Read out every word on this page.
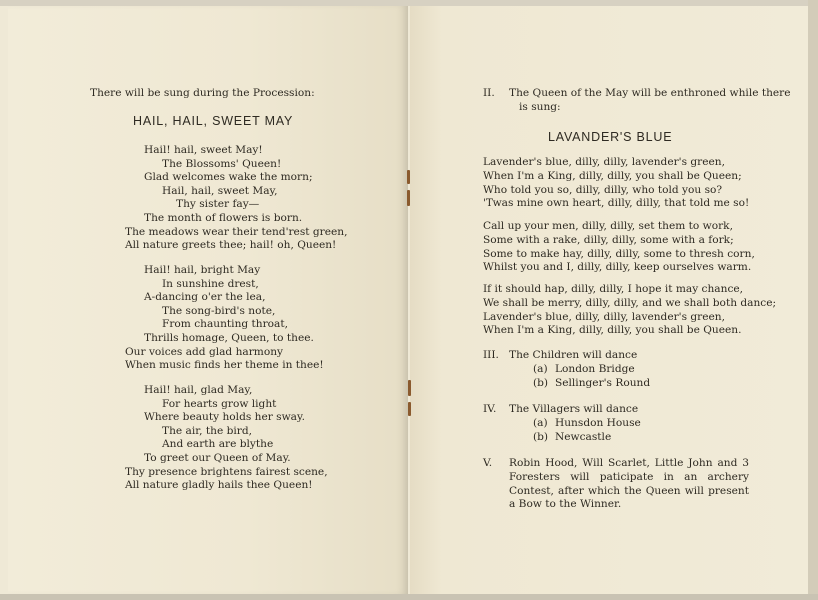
There will be sung during the Procession:

HAIL, HAIL, SWEET MAY

Hail! hail, sweet May!
The Blossoms' Queen!
Glad welcomes wake the morn;
Hail, hail, sweet May,
Thy sister fay—
The month of flowers is born.
The meadows wear their tend'rest green,
All nature greets thee; hail! oh, Queen!
Hail! hail, bright May
In sunshine drest,
A-dancing o'er the lea,
The song-bird's note,
From chaunting throat,
Thrills homage, Queen, to thee.
Our voices add glad harmony
When music finds her theme in thee!
Hail! hail, glad May,
For hearts grow light
Where beauty holds her sway.
The air, the bird,
And earth are blythe
To greet our Queen of May.
Thy presence brightens fairest scene,
All nature gladly hails thee Queen!

II. The Queen of the May will be enthroned while there

is sung:

LAVANDER'S BLUE

Lavender's blue, dilly, dilly, lavender's green,
When I'm a King, dilly, dilly, you shall be Queen;
Who told you so, dilly, dilly, who told you so?
'Twas mine own heart, dilly, dilly, that told me so!
Call up your men, dilly, dilly, set them to work,
Some with a rake, dilly, dilly, some with a fork;
Some to make hay, dilly, dilly, some to thresh corn,
Whilst you and I, dilly, dilly, keep ourselves warm.
If it should hap, dilly, dilly, I hope it may chance,
We shall be merry, dilly, dilly, and we shall both dance;
Lavender's blue, dilly, dilly, lavender's green,
When I'm a King, dilly, dilly, you shall be Queen.

III. The Children will dance

(a) London Bridge
(b) Sellinger's Round

IV. The Villagers will dance

(a) Hunsdon House
(b) Newcastle

V.	Robin Hood, Will Scarlet, Little John and 3 Foresters will paticipate in an archery Contest, after which the Queen will present a Bow to the Winner.
